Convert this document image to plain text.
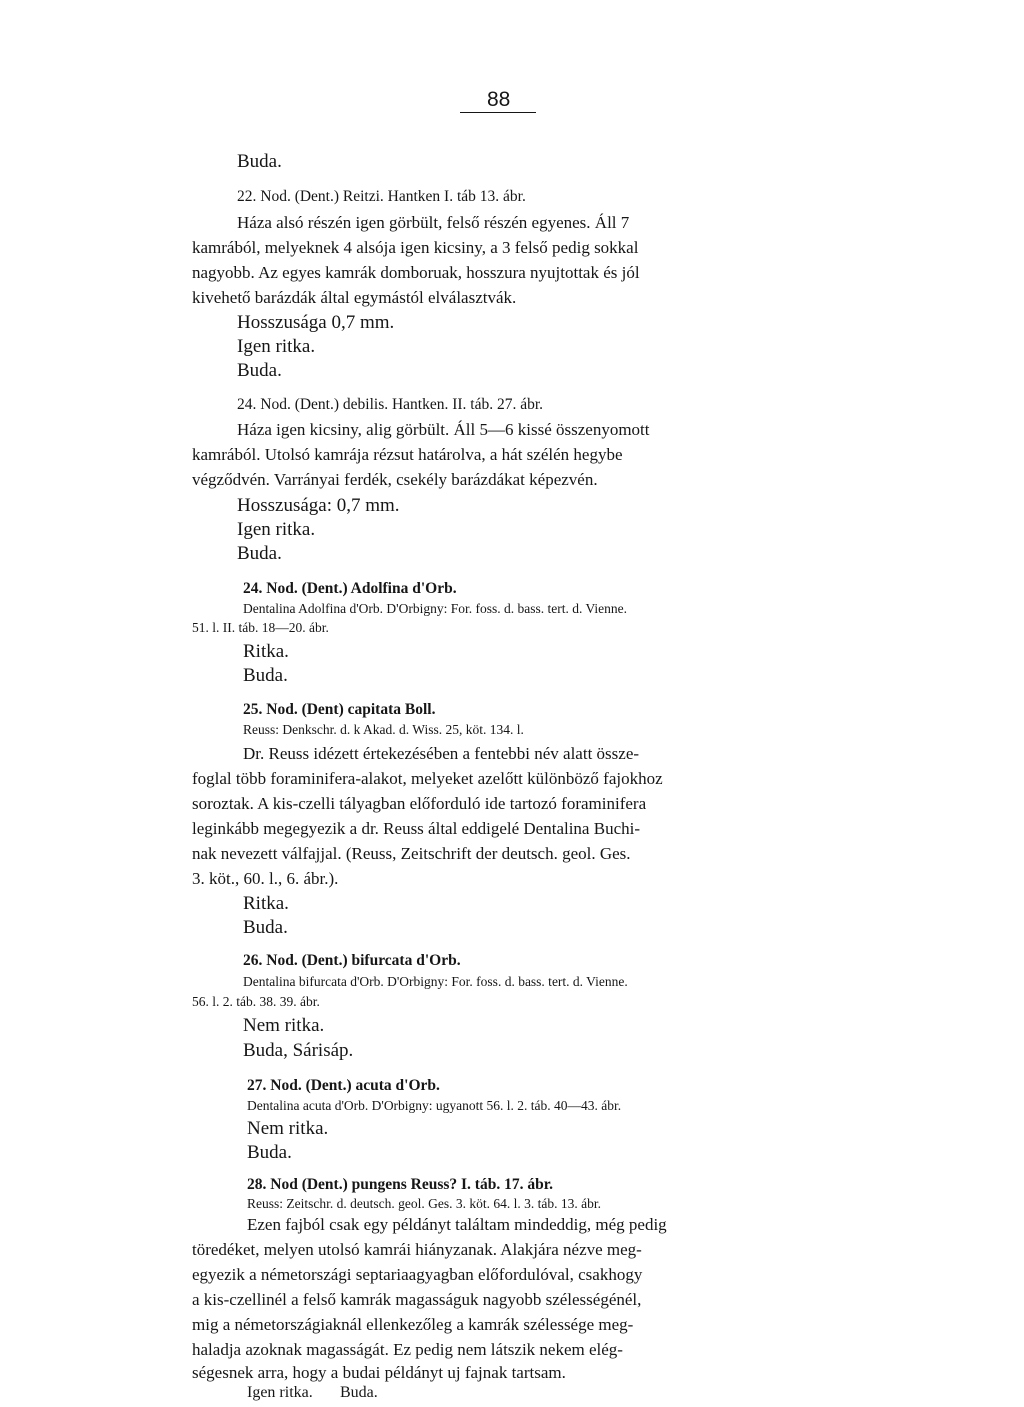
88
Buda.
22. Nod. (Dent.) Reitzi. Hantken I. táb 13. ábr.
Háza alsó részén igen görbült, felső részén egyenes. Áll 7
kamrából, melyeknek 4 alsója igen kicsiny, a 3 felső pedig sokkal
nagyobb. Az egyes kamrák domboruak, hosszura nyujtottak és jól
kivehető barázdák által egymástól elválasztvák.
Hosszusága 0,7 mm.
Igen ritka.
Buda.
24. Nod. (Dent.) debilis. Hantken. II. táb. 27. ábr.
Háza igen kicsiny, alig görbült. Áll 5—6 kissé összenyomott
kamrából. Utolsó kamrája rézsut határolva, a hát szélén hegybe
végződvén. Varrányai ferdék, csekély barázdákat képezvén.
Hosszusága: 0,7 mm.
Igen ritka.
Buda.
24. Nod. (Dent.) Adolfina d'Orb.
Dentalina Adolfina d'Orb. D'Orbigny: For. foss. d. bass. tert. d. Vienne.
51. l. II. táb. 18—20. ábr.
Ritka.
Buda.
25. Nod. (Dent) capitata Boll.
Reuss: Denkschr. d. k Akad. d. Wiss. 25, köt. 134. l.
Dr. Reuss idézett értekezésében a fentebbi név alatt össze-
foglal több foraminifera-alakot, melyeket azelőtt különböző fajokhoz
soroztak. A kis-czelli tályagban előforduló ide tartozó foraminifera
leginkább megegyezik a dr. Reuss által eddigelé Dentalina Buchi-
nak nevezett válfajjal. (Reuss, Zeitschrift der deutsch. geol. Ges.
3. köt., 60. l., 6. ábr.).
Ritka.
Buda.
26. Nod. (Dent.) bifurcata d'Orb.
Dentalina bifurcata d'Orb. D'Orbigny: For. foss. d. bass. tert. d. Vienne.
56. l. 2. táb. 38. 39. ábr.
Nem ritka.
Buda, Sárisáp.
27. Nod. (Dent.) acuta d'Orb.
Dentalina acuta d'Orb. D'Orbigny: ugyanott 56. l. 2. táb. 40—43. ábr.
Nem ritka.
Buda.
28. Nod (Dent.) pungens Reuss? I. táb. 17. ábr.
Reuss: Zeitschr. d. deutsch. geol. Ges. 3. köt. 64. l. 3. táb. 13. ábr.
Ezen fajból csak egy példányt találtam mindeddig, még pedig
töredéket, melyen utolsó kamrái hiányzanak. Alakjára nézve meg-
egyezik a németországi septariaagyagban előfordulóval, csakhogy
a kis-czellinél a felső kamrák magasságuk nagyobb szélességénél,
mig a németországiaknál ellenkezőleg a kamrák szélessége meg-
haladja azoknak magasságát. Ez pedig nem látszik nekem elég-
ségesnek arra, hogy a budai példányt uj fajnak tartsam.
Igen ritka. Buda.
